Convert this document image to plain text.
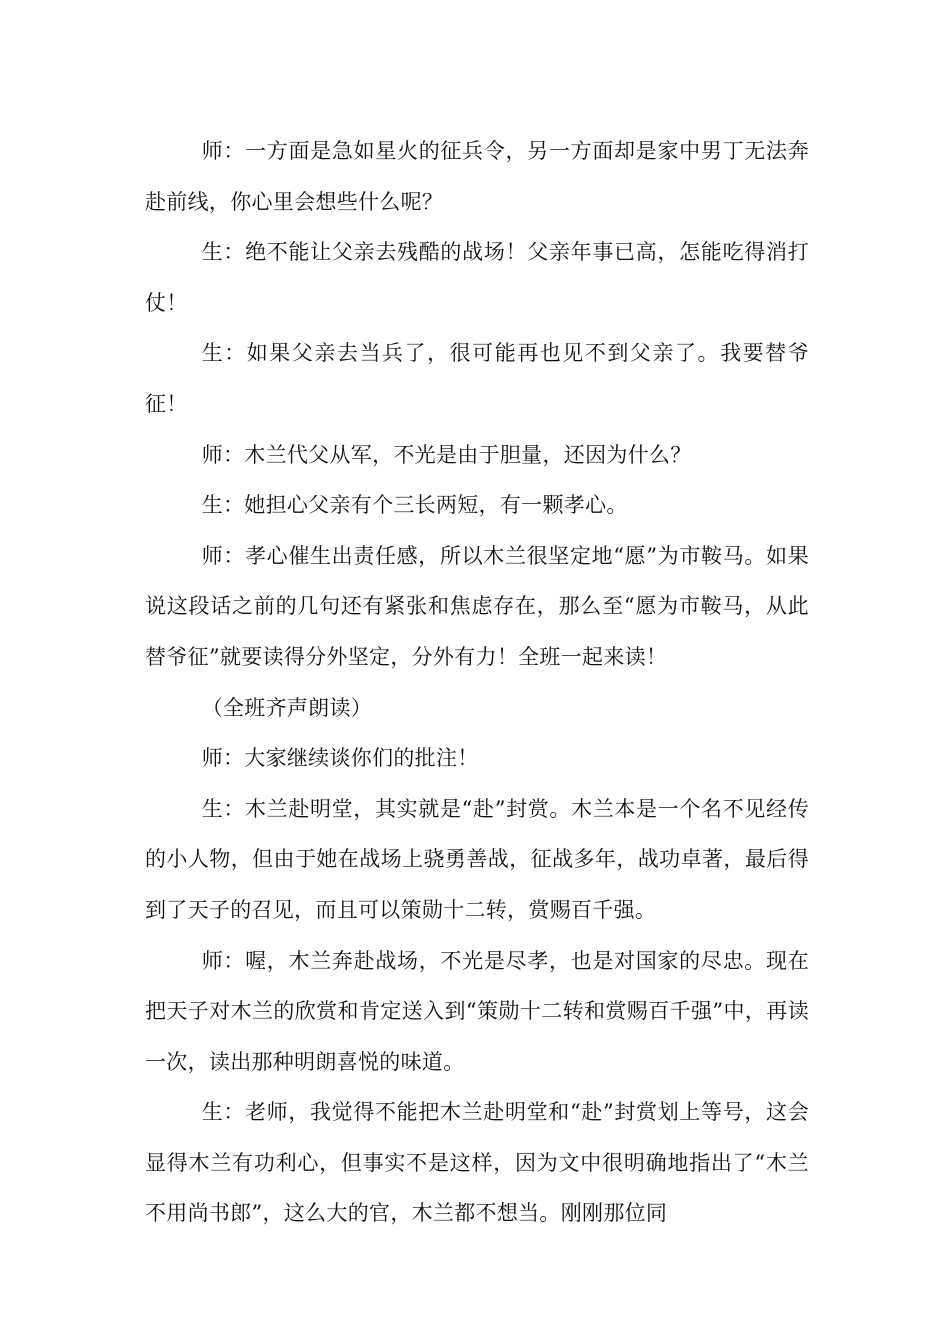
师：一方面是急如星火的征兵令，另一方面却是家中男丁无法奔赴前线，你心里会想些什么呢？

生：绝不能让父亲去残酷的战场！父亲年事已高，怎能吃得消打仗！

生：如果父亲去当兵了，很可能再也见不到父亲了。我要替爷征！

师：木兰代父从军，不光是由于胆量，还因为什么？

生：她担心父亲有个三长两短，有一颗孝心。

师：孝心催生出责任感，所以木兰很坚定地“愿”为市鞍马。如果说这段话之前的几句还有紧张和焦虑存在，那么至“愿为市鞍马，从此替爷征”就要读得分外坚定，分外有力！全班一起来读！

（全班齐声朗读）

师：大家继续谈你们的批注！

生：木兰赴明堂，其实就是“赴”封赏。木兰本是一个名不见经传的小人物，但由于她在战场上骁勇善战，征战多年，战功卓著，最后得到了天子的召见，而且可以策勋十二转，赏赐百千强。

师：喔，木兰奔赴战场，不光是尽孝，也是对国家的尽忠。现在把天子对木兰的欣赏和肯定送入到“策勋十二转和赏赐百千强”中，再读一次，读出那种明朗喜悦的味道。

生：老师，我觉得不能把木兰赴明堂和“赴”封赏划上等号，这会显得木兰有功利心，但事实不是这样，因为文中很明确地指出了“木兰不用尚书郎”，这么大的官，木兰都不想当。刚刚那位同
